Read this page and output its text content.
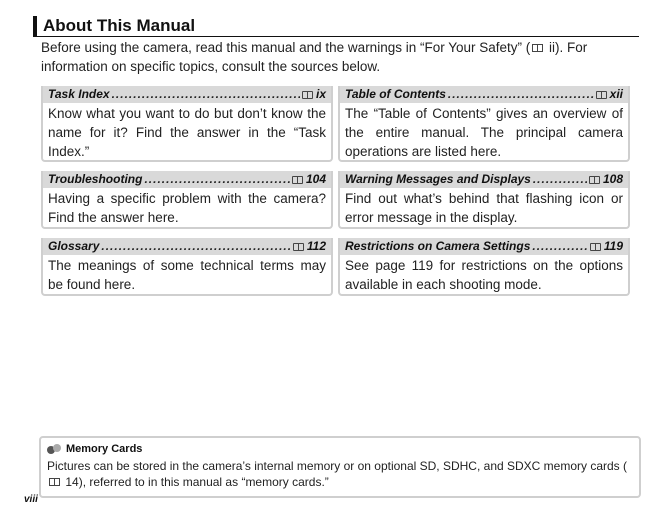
About This Manual
Before using the camera, read this manual and the warnings in “For Your Safety” ( ii). For information on specific topics, consult the sources below.
Task Index .....	ix
Know what you want to do but don’t know the name for it? Find the answer in the “Task Index.”
Table of Contents .....	xii
The “Table of Contents” gives an overview of the entire manual. The principal camera operations are listed here.
Troubleshooting .....	104
Having a specific problem with the camera? Find the answer here.
Warning Messages and Displays .....	108
Find out what’s behind that flashing icon or error message in the display.
Glossary .....	112
The meanings of some technical terms may be found here.
Restrictions on Camera Settings .....	119
See page 119 for restrictions on the options available in each shooting mode.
Memory Cards
Pictures can be stored in the camera’s internal memory or on optional SD, SDHC, and SDXC memory cards ( 14), referred to in this manual as “memory cards.”
viii
